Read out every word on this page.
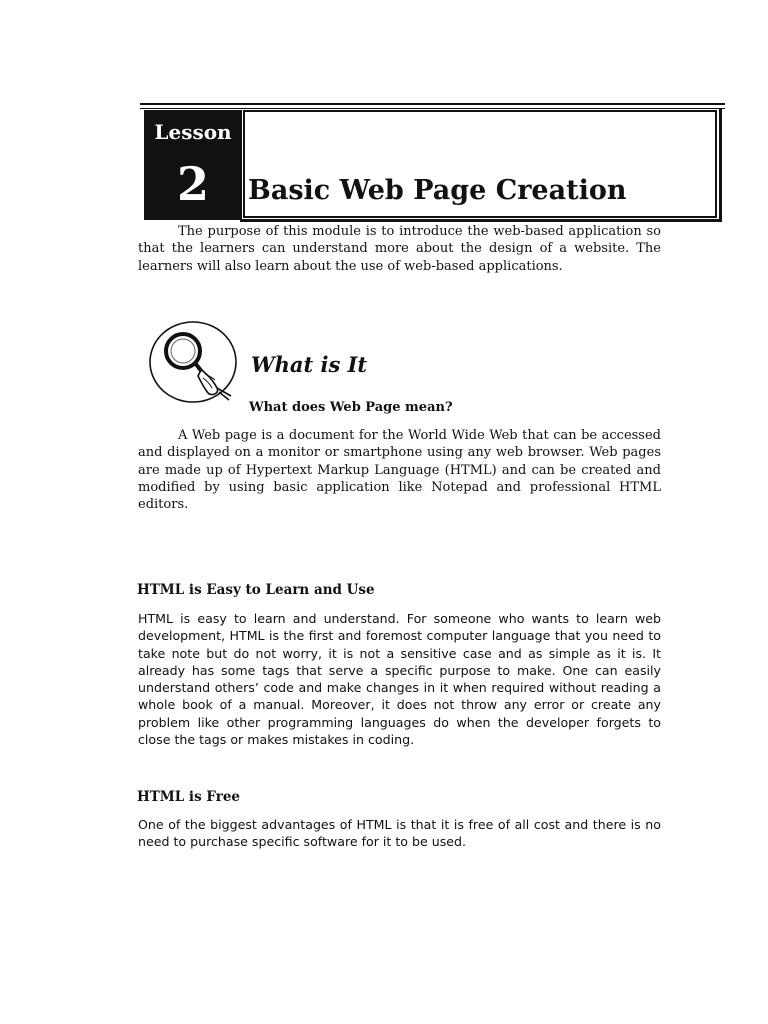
Lesson
2	Basic Web Page Creation

The purpose of this module is to introduce the web-based application so that the learners can understand more about the design of a website. The learners will also learn about the use of web-based applications.

What is It
What does Web Page mean?

A Web page is a document for the World Wide Web that can be accessed and displayed on a monitor or smartphone using any web browser. Web pages are made up of Hypertext Markup Language (HTML) and can be created and modified by using basic application like Notepad and professional HTML editors.

HTML is Easy to Learn and Use

HTML is easy to learn and understand. For someone who wants to learn web development, HTML is the first and foremost computer language that you need to take note but do not worry, it is not a sensitive case and as simple as it is. It already has some tags that serve a specific purpose to make. One can easily understand others’ code and make changes in it when required without reading a whole book of a manual. Moreover, it does not throw any error or create any problem like other programming languages do when the developer forgets to close the tags or makes mistakes in coding.

HTML is Free

One of the biggest advantages of HTML is that it is free of all cost and there is no need to purchase specific software for it to be used.
